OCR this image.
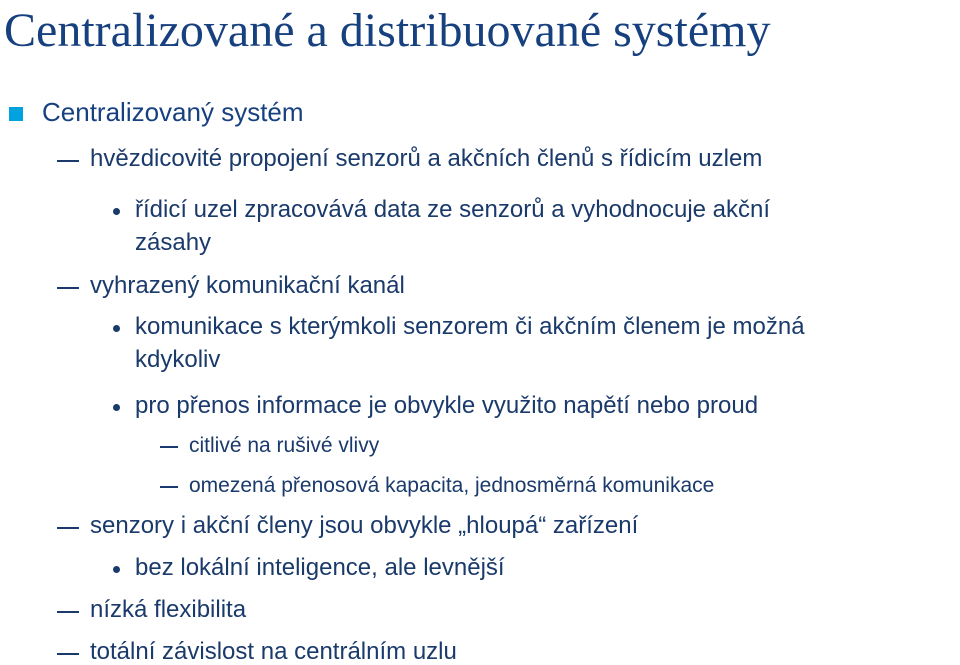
Centralizované a distribuované systémy
Centralizovaný systém
hvězdicovité propojení senzorů a akčních členů s řídicím uzlem
řídicí uzel zpracovává data ze senzorů a vyhodnocuje akční
zásahy
vyhrazený komunikační kanál
komunikace s kterýmkoli senzorem či akčním členem je možná
kdykoliv
pro přenos informace je obvykle využito napětí nebo proud
citlivé na rušivé vlivy
omezená přenosová kapacita, jednosměrná komunikace
senzory i akční členy jsou obvykle „hloupá“ zařízení
bez lokální inteligence, ale levnější
nízká flexibilita
totální závislost na centrálním uzlu
